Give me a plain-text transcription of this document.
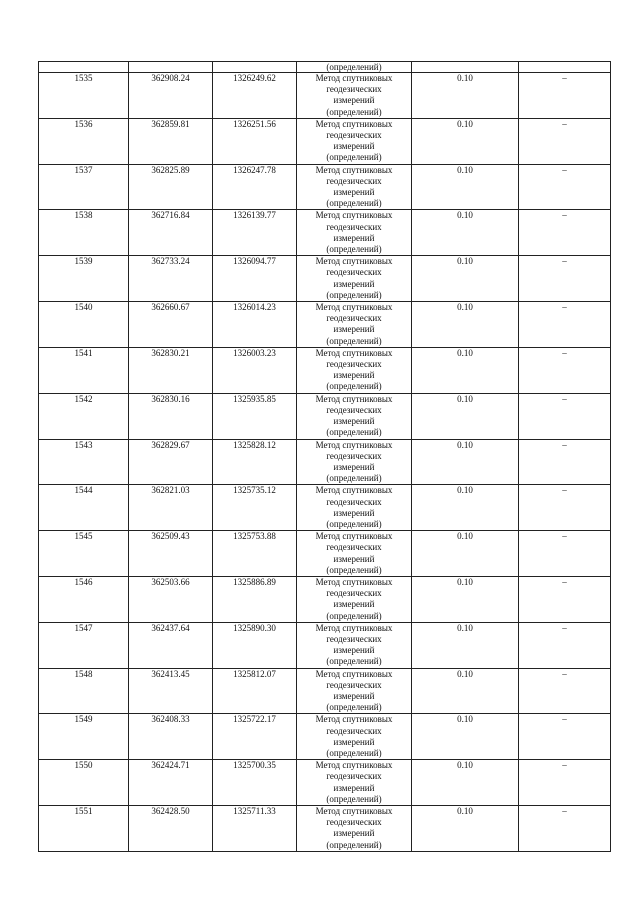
			(определений)		
1535	362908.24	1326249.62	Метод спутниковых
геодезических
измерений
(определений)	0.10	–
1536	362859.81	1326251.56	Метод спутниковых
геодезических
измерений
(определений)	0.10	–
1537	362825.89	1326247.78	Метод спутниковых
геодезических
измерений
(определений)	0.10	–
1538	362716.84	1326139.77	Метод спутниковых
геодезических
измерений
(определений)	0.10	–
1539	362733.24	1326094.77	Метод спутниковых
геодезических
измерений
(определений)	0.10	–
1540	362660.67	1326014.23	Метод спутниковых
геодезических
измерений
(определений)	0.10	–
1541	362830.21	1326003.23	Метод спутниковых
геодезических
измерений
(определений)	0.10	–
1542	362830.16	1325935.85	Метод спутниковых
геодезических
измерений
(определений)	0.10	–
1543	362829.67	1325828.12	Метод спутниковых
геодезических
измерений
(определений)	0.10	–
1544	362821.03	1325735.12	Метод спутниковых
геодезических
измерений
(определений)	0.10	–
1545	362509.43	1325753.88	Метод спутниковых
геодезических
измерений
(определений)	0.10	–
1546	362503.66	1325886.89	Метод спутниковых
геодезических
измерений
(определений)	0.10	–
1547	362437.64	1325890.30	Метод спутниковых
геодезических
измерений
(определений)	0.10	–
1548	362413.45	1325812.07	Метод спутниковых
геодезических
измерений
(определений)	0.10	–
1549	362408.33	1325722.17	Метод спутниковых
геодезических
измерений
(определений)	0.10	–
1550	362424.71	1325700.35	Метод спутниковых
геодезических
измерений
(определений)	0.10	–
1551	362428.50	1325711.33	Метод спутниковых
геодезических
измерений
(определений)	0.10	–
